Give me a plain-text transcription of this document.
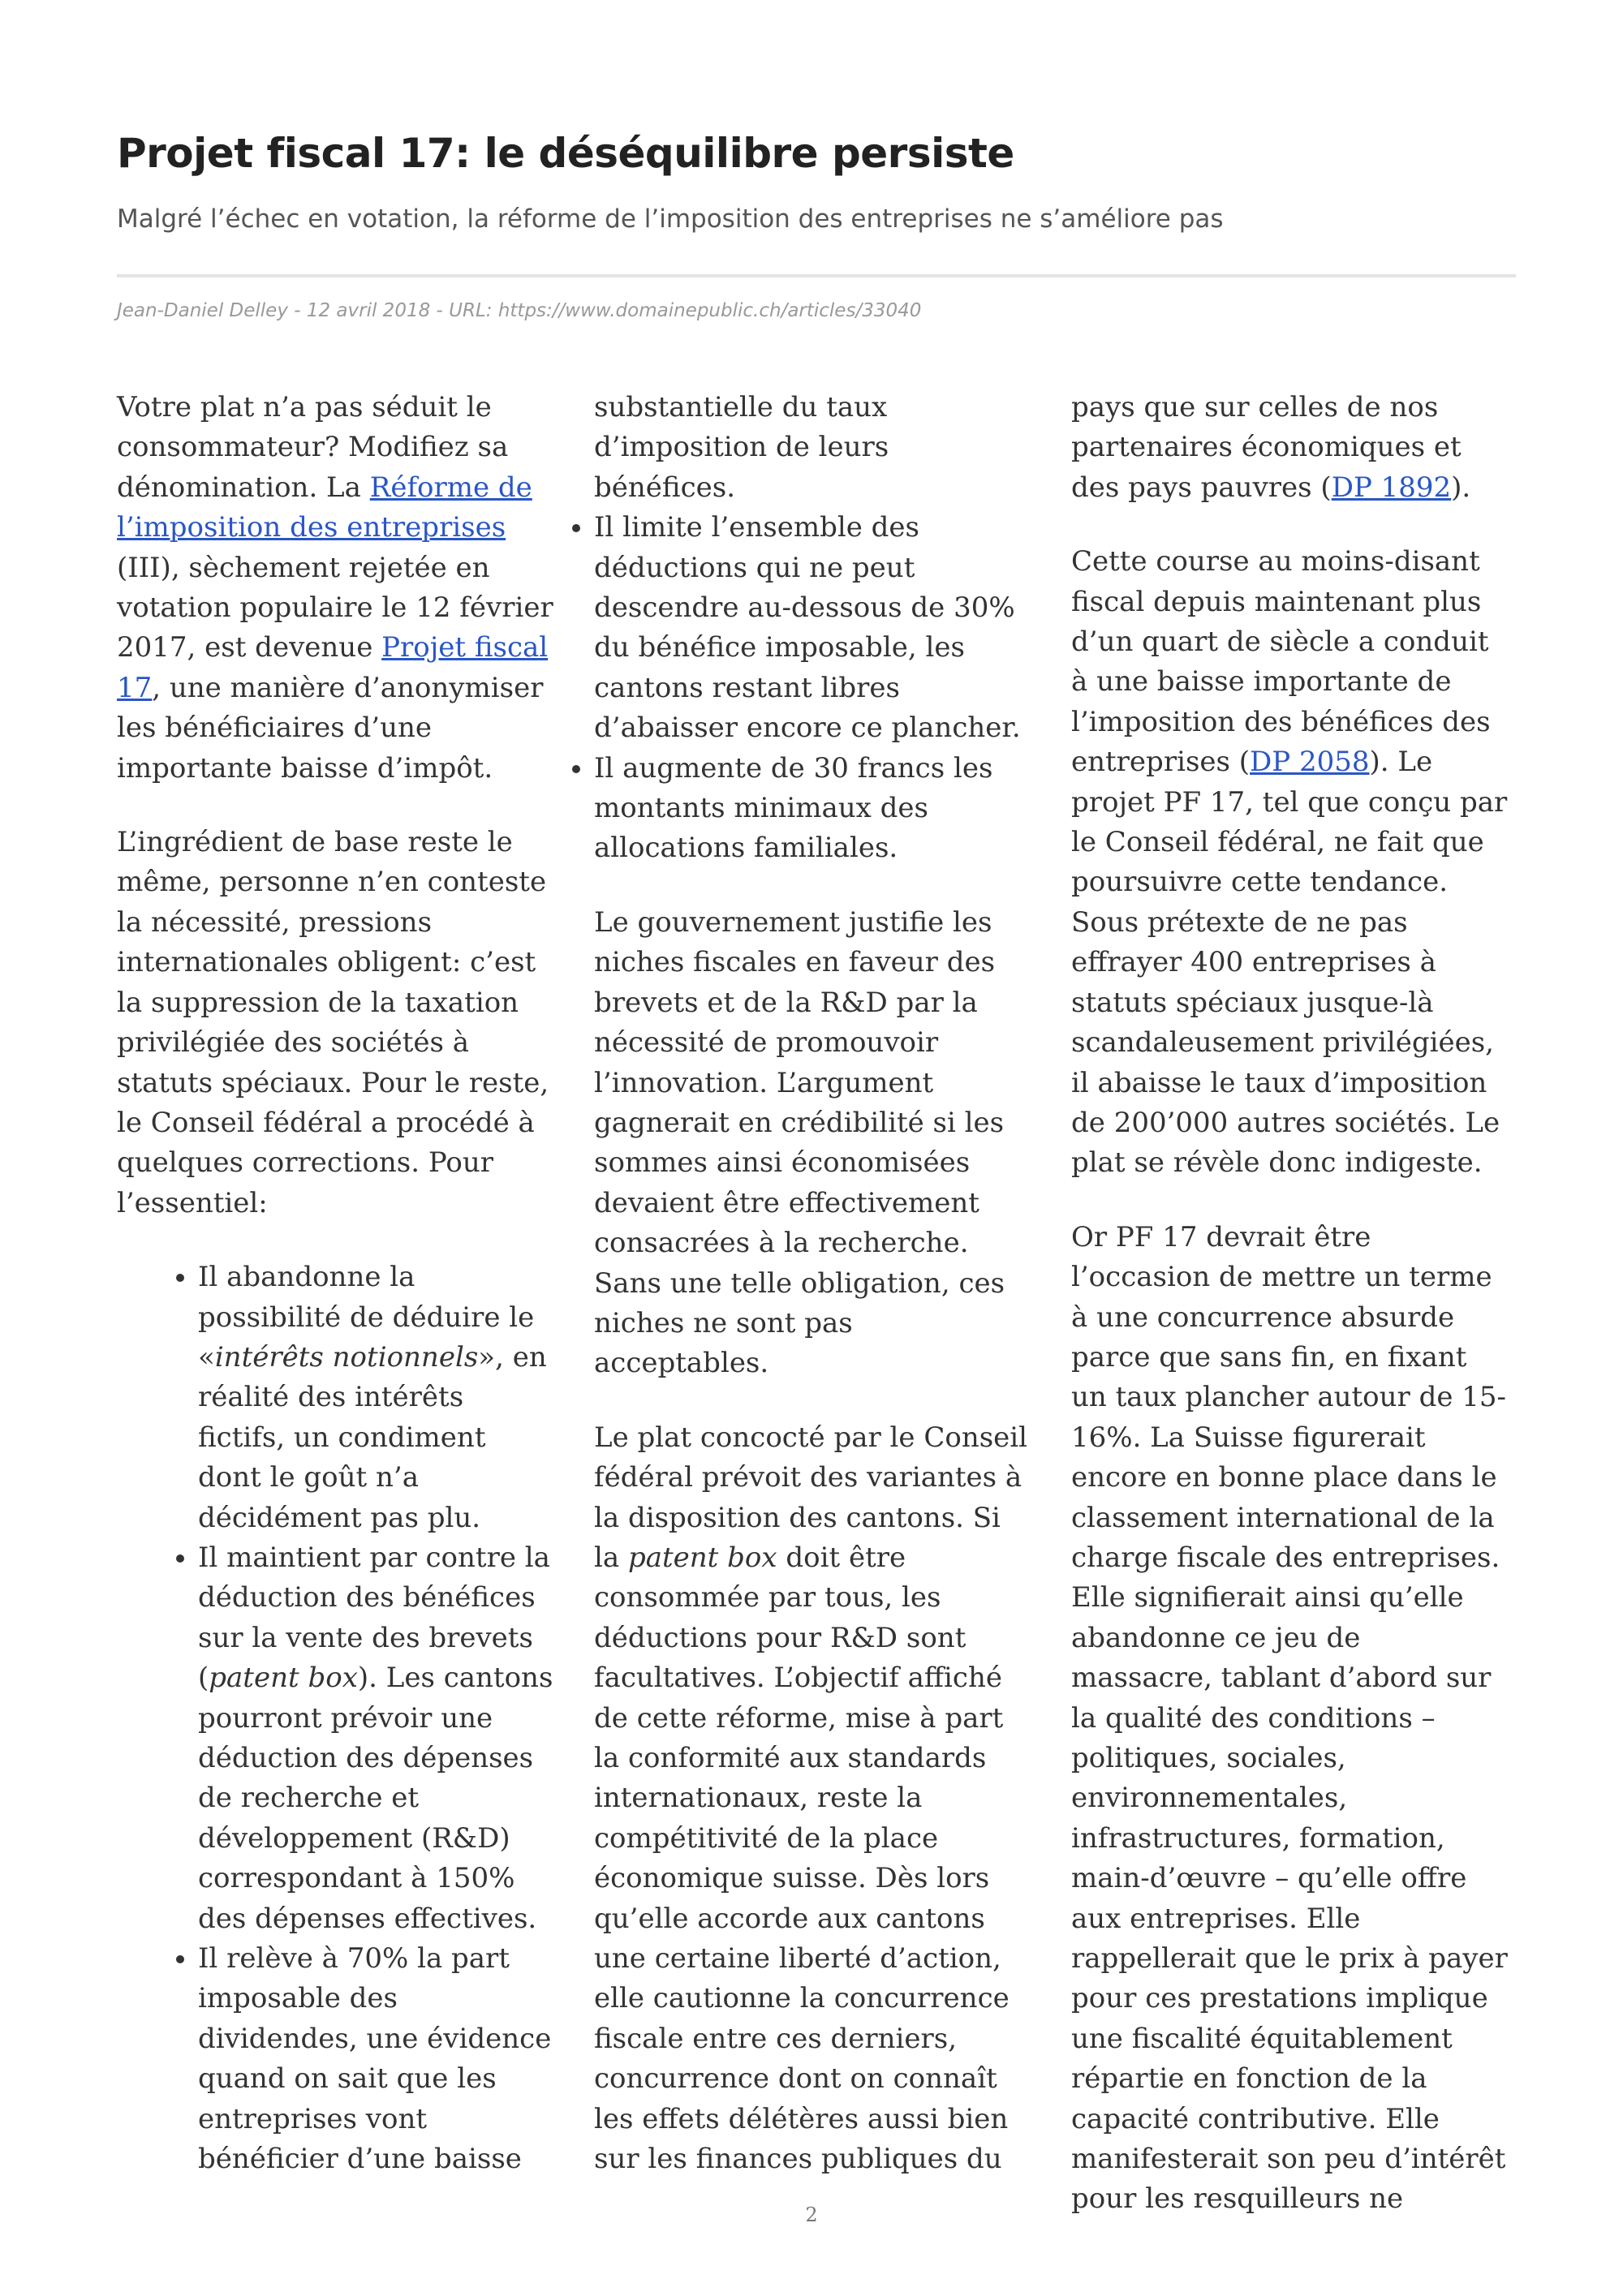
Projet fiscal 17: le déséquilibre persiste

Malgré l’échec en votation, la réforme de l’imposition des entreprises ne s’améliore pas

Jean-Daniel Delley - 12 avril 2018 - URL: https://www.domainepublic.ch/articles/33040

Votre plat n’a pas séduit le consommateur? Modifiez sa dénomination. La Réforme de l’imposition des entreprises (III), sèchement rejetée en votation populaire le 12 février 2017, est devenue Projet fiscal 17, une manière d’anonymiser les bénéficiaires d’une importante baisse d’impôt.

L’ingrédient de base reste le même, personne n’en conteste la nécessité, pressions internationales obligent: c’est la suppression de la taxation privilégiée des sociétés à statuts spéciaux. Pour le reste, le Conseil fédéral a procédé à quelques corrections. Pour l’essentiel:

• Il abandonne la possibilité de déduire le «intérêts notionnels», en réalité des intérêts fictifs, un condiment dont le goût n’a décidément pas plu.
• Il maintient par contre la déduction des bénéfices sur la vente des brevets (patent box). Les cantons pourront prévoir une déduction des dépenses de recherche et développement (R&D) correspondant à 150% des dépenses effectives.
• Il relève à 70% la part imposable des dividendes, une évidence quand on sait que les entreprises vont bénéficier d’une baisse
substantielle du taux d’imposition de leurs bénéfices.
• Il limite l’ensemble des déductions qui ne peut descendre au-dessous de 30% du bénéfice imposable, les cantons restant libres d’abaisser encore ce plancher.
• Il augmente de 30 francs les montants minimaux des allocations familiales.

Le gouvernement justifie les niches fiscales en faveur des brevets et de la R&D par la nécessité de promouvoir l’innovation. L’argument gagnerait en crédibilité si les sommes ainsi économisées devaient être effectivement consacrées à la recherche. Sans une telle obligation, ces niches ne sont pas acceptables.

Le plat concocté par le Conseil fédéral prévoit des variantes à la disposition des cantons. Si la patent box doit être consommée par tous, les déductions pour R&D sont facultatives. L’objectif affiché de cette réforme, mise à part la conformité aux standards internationaux, reste la compétitivité de la place économique suisse. Dès lors qu’elle accorde aux cantons une certaine liberté d’action, elle cautionne la concurrence fiscale entre ces derniers, concurrence dont on connaît les effets délétères aussi bien sur les finances publiques du

pays que sur celles de nos partenaires économiques et des pays pauvres (DP 1892).

Cette course au moins-disant fiscal depuis maintenant plus d’un quart de siècle a conduit à une baisse importante de l’imposition des bénéfices des entreprises (DP 2058). Le projet PF 17, tel que conçu par le Conseil fédéral, ne fait que poursuivre cette tendance. Sous prétexte de ne pas effrayer 400 entreprises à statuts spéciaux jusque-là scandaleusement privilégiées, il abaisse le taux d’imposition de 200’000 autres sociétés. Le plat se révèle donc indigeste.

Or PF 17 devrait être l’occasion de mettre un terme à une concurrence absurde parce que sans fin, en fixant un taux plancher autour de 15-16%. La Suisse figurerait encore en bonne place dans le classement international de la charge fiscale des entreprises. Elle signifierait ainsi qu’elle abandonne ce jeu de massacre, tablant d’abord sur la qualité des conditions – politiques, sociales, environnementales, infrastructures, formation, main-d’œuvre – qu’elle offre aux entreprises. Elle rappellerait que le prix à payer pour ces prestations implique une fiscalité équitablement répartie en fonction de la capacité contributive. Elle manifesterait son peu d’intérêt pour les resquilleurs ne

2
